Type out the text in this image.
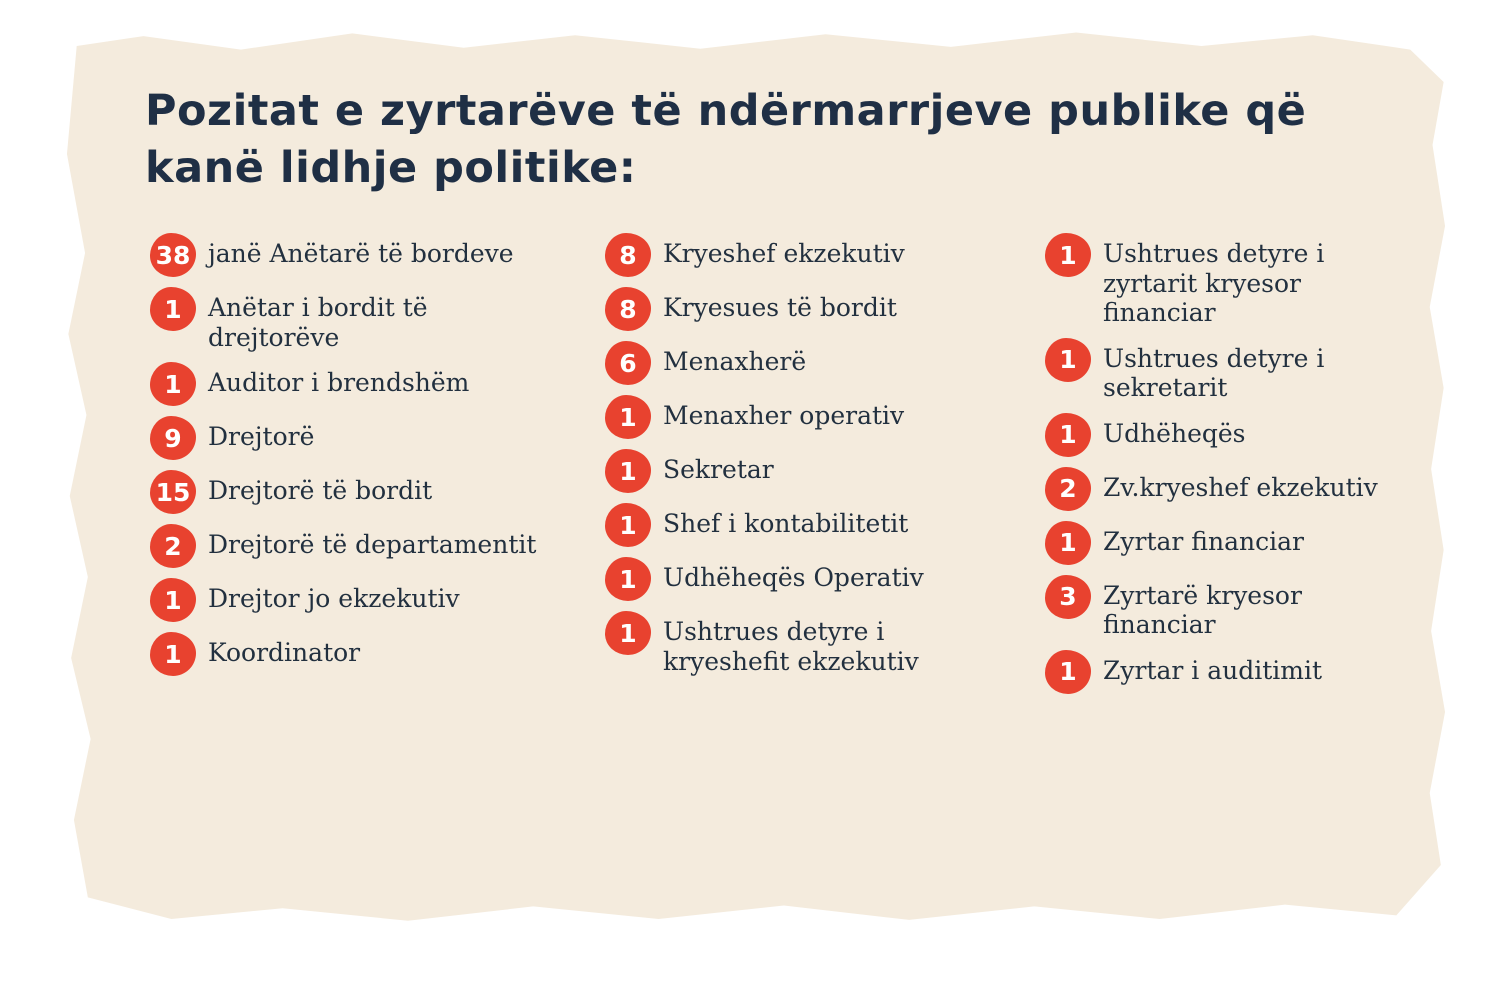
Pozitat e zyrtarëve të ndërmarrjeve publike që kanë lidhje politike:
38 janë Anëtarë të bordeve
1	Anëtar i bordit të drejtorëve
1	Auditor i brendshëm
9	Drejtorë
15 Drejtorë të bordit
2	Drejtorë të departamentit
1	Drejtor jo ekzekutiv
1	Koordinator
8	Kryeshef ekzekutiv
8	Kryesues të bordit
6	Menaxherë
1	Menaxher operativ
1	Sekretar
1	Shef i kontabilitetit
1	Udhëheqës Operativ
1	Ushtrues detyre i kryeshefit ekzekutiv
1	Ushtrues detyre i zyrtarit kryesor financiar
1	Ushtrues detyre i sekretarit
1	Udhëheqës
2	Zv.kryeshef ekzekutiv
1	Zyrtar financiar
3	Zyrtarë kryesor financiar
1	Zyrtar i auditimit
